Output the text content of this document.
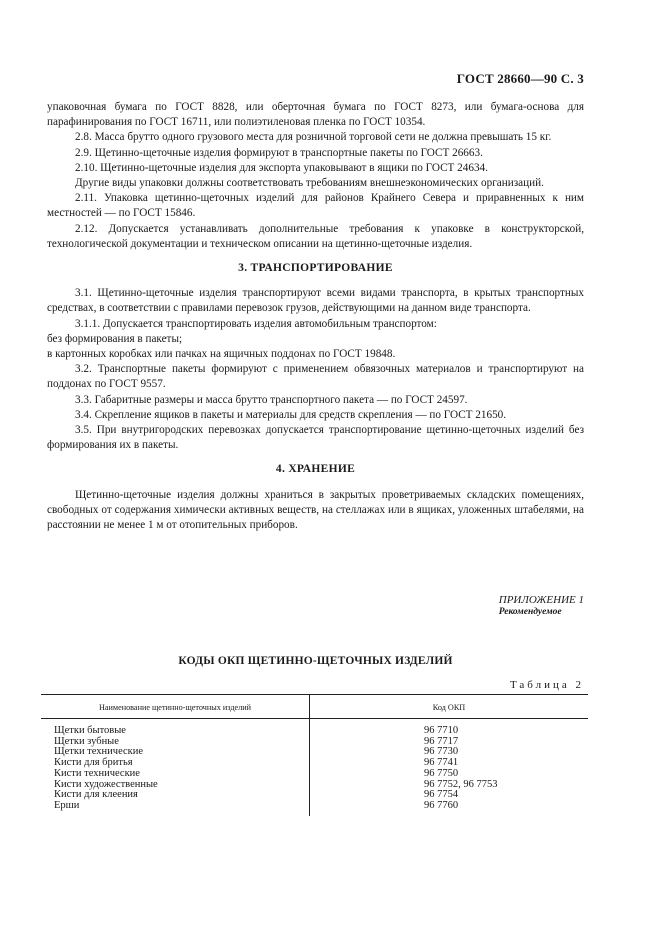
ГОСТ 28660—90 С. 3

упаковочная бумага по ГОСТ 8828, или оберточная бумага по ГОСТ 8273, или бумага-основа для парафинирования по ГОСТ 16711, или полиэтиленовая пленка по ГОСТ 10354.

2.8. Масса брутто одного грузового места для розничной торговой сети не должна превышать 15 кг.

2.9. Щетинно-щеточные изделия формируют в транспортные пакеты по ГОСТ 26663.

2.10. Щетинно-щеточные изделия для экспорта упаковывают в ящики по ГОСТ 24634.

Другие виды упаковки должны соответствовать требованиям внешнеэкономических организаций.

2.11. Упаковка щетинно-щеточных изделий для районов Крайнего Севера и приравненных к ним местностей — по ГОСТ 15846.

2.12. Допускается устанавливать дополнительные требования к упаковке в конструкторской, технологической документации и техническом описании на щетинно-щеточные изделия.

3. ТРАНСПОРТИРОВАНИЕ

3.1. Щетинно-щеточные изделия транспортируют всеми видами транспорта, в крытых транспортных средствах, в соответствии с правилами перевозок грузов, действующими на данном виде транспорта.

3.1.1. Допускается транспортировать изделия автомобильным транспортом:

без формирования в пакеты;

в картонных коробках или пачках на ящичных поддонах по ГОСТ 19848.

3.2. Транспортные пакеты формируют с применением обвязочных материалов и транспортируют на поддонах по ГОСТ 9557.

3.3. Габаритные размеры и масса брутто транспортного пакета — по ГОСТ 24597.

3.4. Скрепление ящиков в пакеты и материалы для средств скрепления — по ГОСТ 21650.

3.5. При внутригородских перевозках допускается транспортирование щетинно-щеточных изделий без формирования их в пакеты.

4. ХРАНЕНИЕ

Щетинно-щеточные изделия должны храниться в закрытых проветриваемых складских помещениях, свободных от содержания химически активных веществ, на стеллажах или в ящиках, уложенных штабелями, на расстоянии не менее 1 м от отопительных приборов.

ПРИЛОЖЕНИЕ 1
Рекомендуемое
КОДЫ ОКП ЩЕТИННО-ЩЕТОЧНЫХ ИЗДЕЛИЙ
Таблица 2
Наименование щетинно-щеточных изделий	Код ОКП
Щетки бытовые	96 7710
Щетки зубные	96 7717
Щетки технические	96 7730
Кисти для бритья	96 7741
Кисти технические	96 7750
Кисти художественные	96 7752, 96 7753
Кисти для клеения	96 7754
Ерши	96 7760
